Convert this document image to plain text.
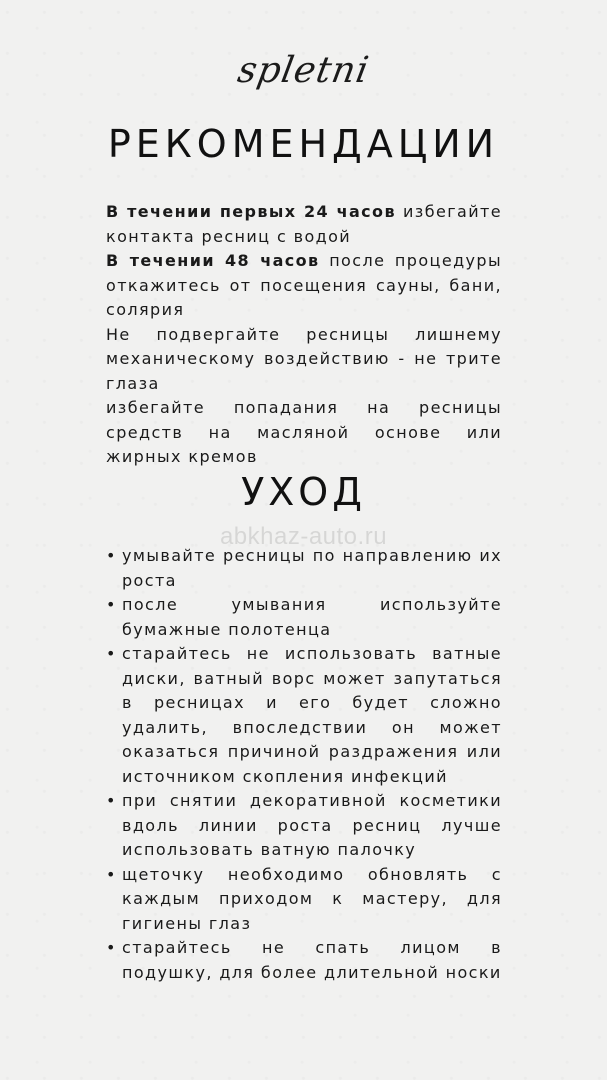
spletni
РЕКОМЕНДАЦИИ

В течении первых 24 часов избегайте контакта ресниц с водой

В течении 48 часов после процедуры откажитесь от посещения сауны, бани, солярия

Не подвергайте ресницы лишнему механическому воздействию - не трите глаза

избегайте попадания на ресницы средств на масляной основе или жирных кремов

УХОД
abkhaz-auto.ru
• умывайте ресницы по направлению их роста
• после умывания используйте бумажные полотенца
• старайтесь не использовать ватные диски, ватный ворс может запутаться в ресницах и его будет сложно удалить, впоследствии он может оказаться причиной раздражения или источником скопления инфекций
• при снятии декоративной косметики вдоль линии роста ресниц лучше использовать ватную палочку
• щеточку необходимо обновлять с каждым приходом к мастеру, для гигиены глаз
• старайтесь не спать лицом в подушку, для более длительной носки
